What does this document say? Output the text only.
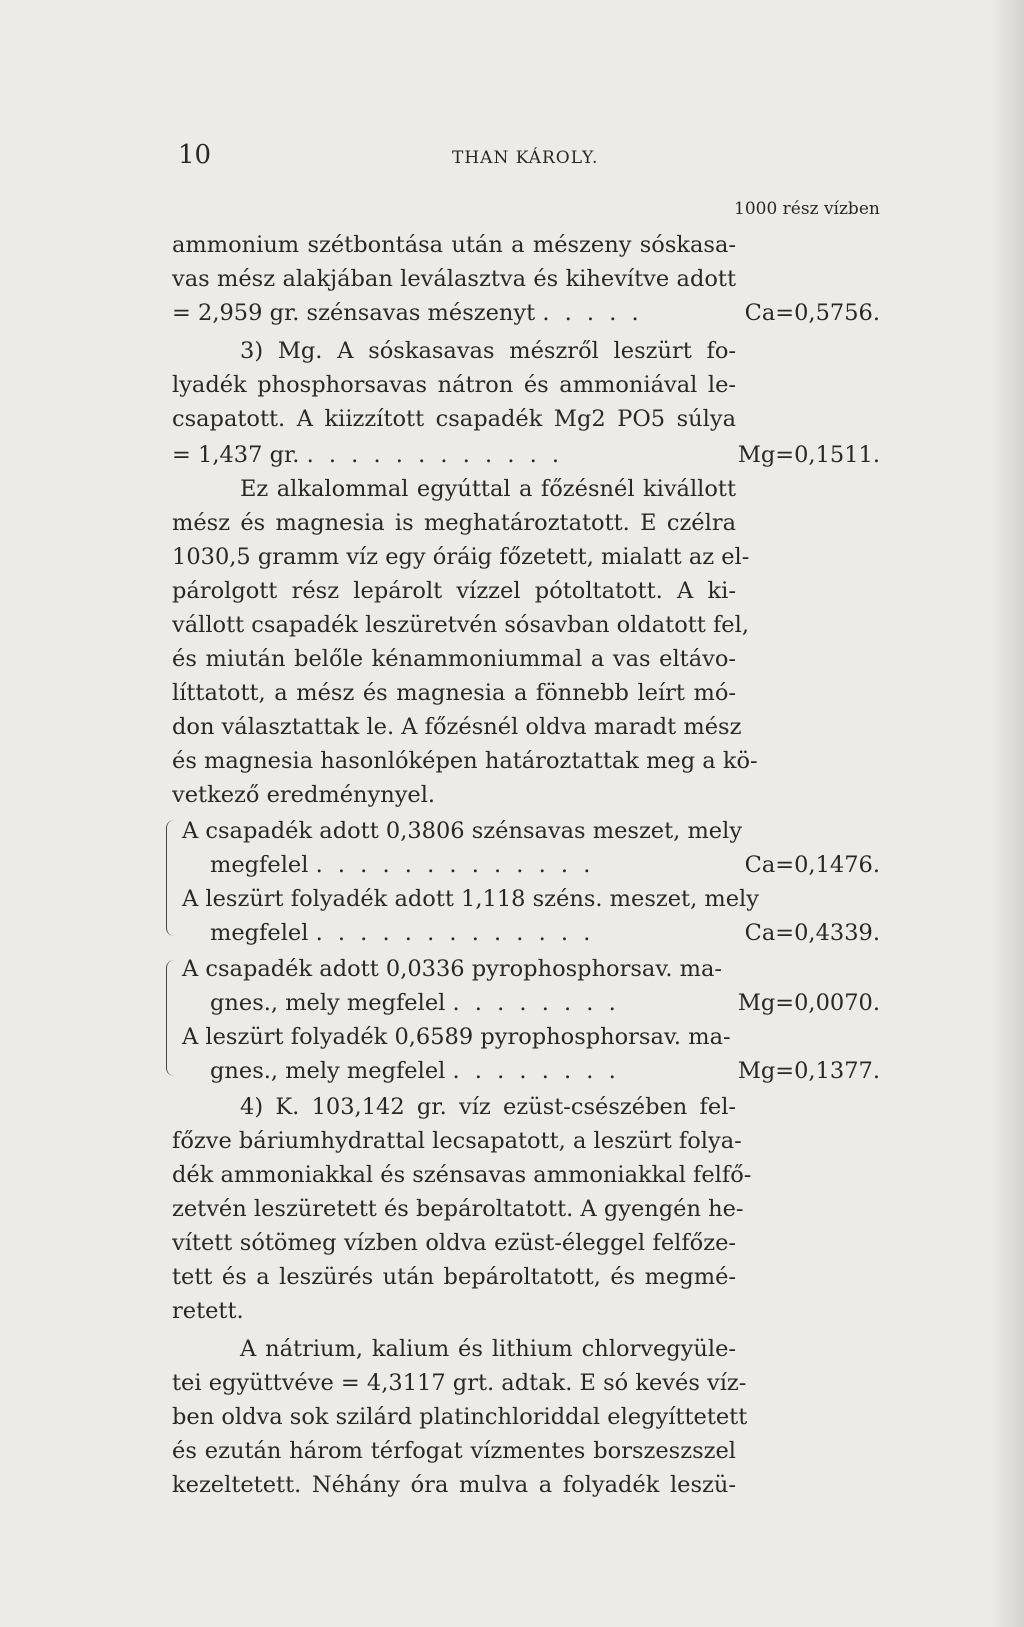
10	THAN KÁROLY.
1000 rész vízben
ammonium szétbontása után a mészeny sóskasa-
vas mész alakjában leválasztva és kihevítve adott
= 2,959 gr. szénsavas mészenyt . . . . .	Ca=0,5756.
3) Mg. A sóskasavas mészről leszürt fo-
lyadék phosphorsavas nátron és ammoniával le-
csapatott. A kiizzított csapadék Mg2 PO5 súlya
= 1,437 gr. . . . . . . . . . . . .	Mg=0,1511.
Ez alkalommal egyúttal a főzésnél kivállott
mész és magnesia is meghatároztatott. E czélra
1030,5 gramm víz egy óráig főzetett, mialatt az el-
párolgott rész lepárolt vízzel pótoltatott. A ki-
vállott csapadék leszüretvén sósavban oldatott fel,
és miután belőle kénammoniummal a vas eltávo-
líttatott, a mész és magnesia a fönnebb leírt mó-
don választattak le. A főzésnél oldva maradt mész
és magnesia hasonlóképen határoztattak meg a kö-
vetkező eredménynyel.
A csapadék adott 0,3806 szénsavas meszet, mely
megfelel . . . . . . . . . . . . .	Ca=0,1476.
A leszürt folyadék adott 1,118 széns. meszet, mely
megfelel . . . . . . . . . . . . .	Ca=0,4339.
A csapadék adott 0,0336 pyrophosphorsav. ma-
gnes., mely megfelel . . . . . . . .	Mg=0,0070.
A leszürt folyadék 0,6589 pyrophosphorsav. ma-
gnes., mely megfelel . . . . . . . .	Mg=0,1377.
4) K. 103,142 gr. víz ezüst-csészében fel-
főzve báriumhydrattal lecsapatott, a leszürt folya-
dék ammoniakkal és szénsavas ammoniakkal felfő-
zetvén leszüretett és bepároltatott. A gyengén he-
vített sótömeg vízben oldva ezüst-éleggel felfőze-
tett és a leszürés után bepároltatott, és megmé-
retett.
A nátrium, kalium és lithium chlorvegyüle-
tei együttvéve = 4,3117 grt. adtak. E só kevés víz-
ben oldva sok szilárd platinchloriddal elegyíttetett
és ezután három térfogat vízmentes borszeszszel
kezeltetett. Néhány óra mulva a folyadék leszü-
